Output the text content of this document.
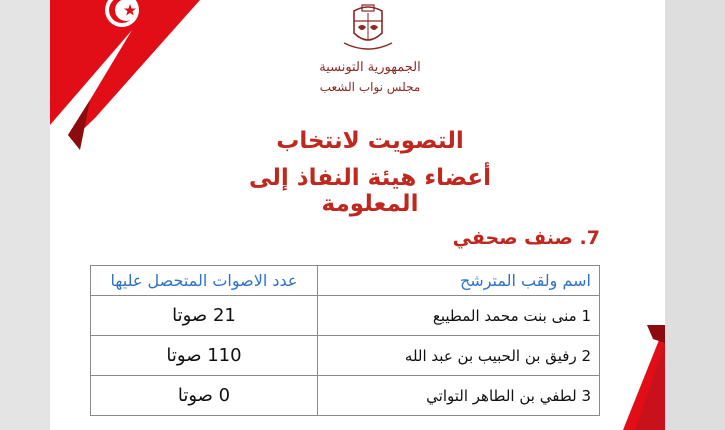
الجمهورية التونسية
مجلس نواب الشعب
التصويت لانتخاب
أعضاء هيئة النفاذ إلى المعلومة
7. صنف صحفي
اسم ولقب المترشح	عدد الاصوات المتحصل عليها
1 منى بنت محمد المطيبع	21 صوتا
2 رفيق بن الحبيب بن عبد الله	110 صوتا
3 لطفي بن الطاهر التواتي	0 صوتا
